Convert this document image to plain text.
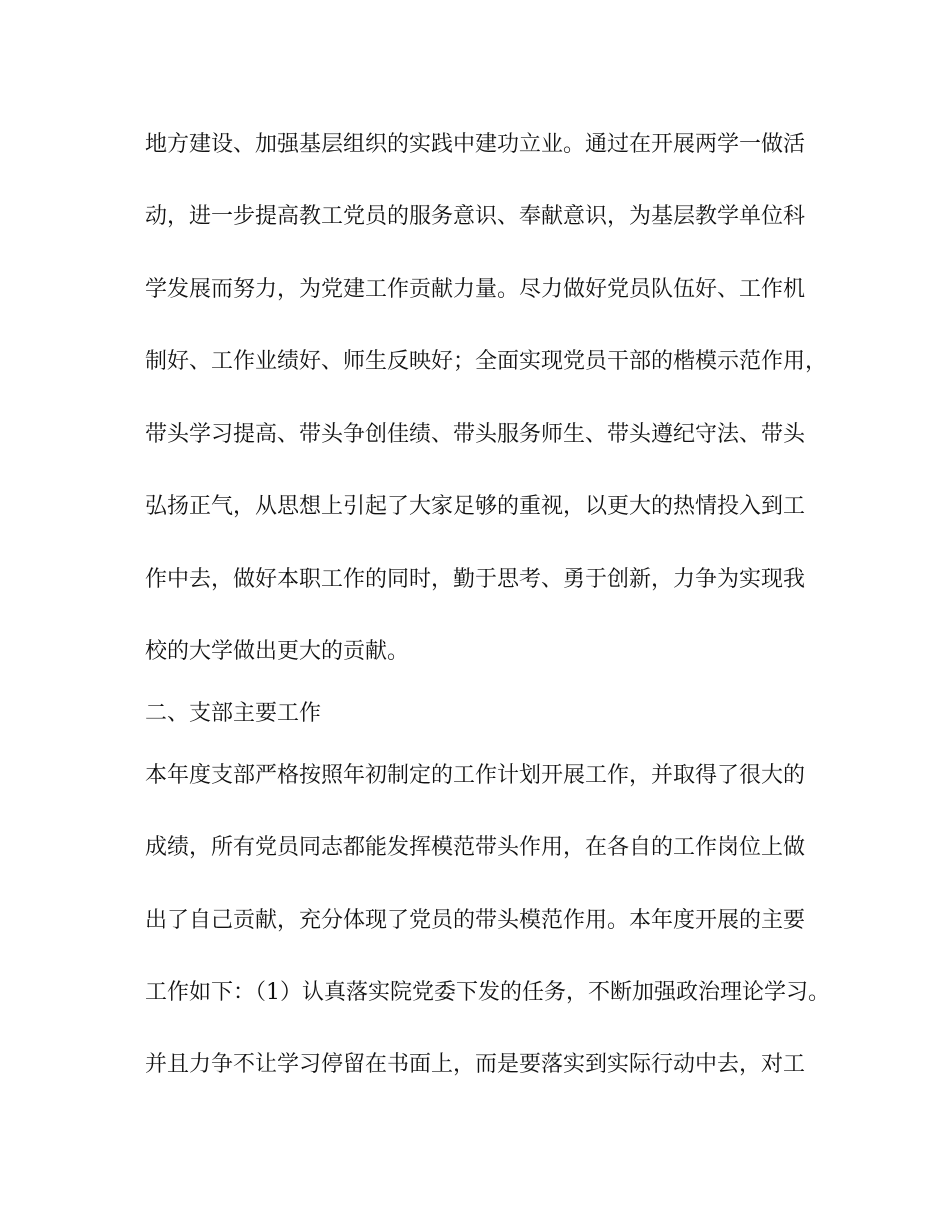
地方建设、加强基层组织的实践中建功立业。通过在开展两学一做活
动，进一步提高教工党员的服务意识、奉献意识，为基层教学单位科
学发展而努力，为党建工作贡献力量。尽力做好党员队伍好、工作机
制好、工作业绩好、师生反映好；全面实现党员干部的楷模示范作用，
带头学习提高、带头争创佳绩、带头服务师生、带头遵纪守法、带头
弘扬正气，从思想上引起了大家足够的重视，以更大的热情投入到工
作中去，做好本职工作的同时，勤于思考、勇于创新，力争为实现我
校的大学做出更大的贡献。
二、支部主要工作
本年度支部严格按照年初制定的工作计划开展工作，并取得了很大的
成绩，所有党员同志都能发挥模范带头作用，在各自的工作岗位上做
出了自己贡献，充分体现了党员的带头模范作用。本年度开展的主要
工作如下：（1）认真落实院党委下发的任务，不断加强政治理论学习。
并且力争不让学习停留在书面上，而是要落实到实际行动中去，对工
